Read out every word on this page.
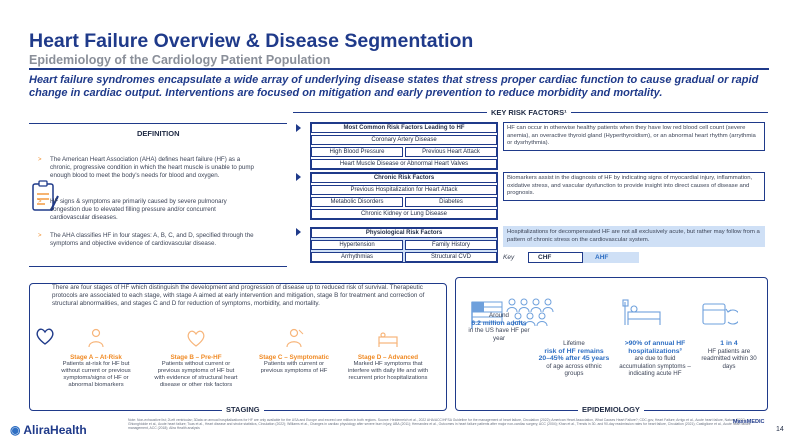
Heart Failure Overview & Disease Segmentation
Epidemiology of the Cardiology Patient Population
Heart failure syndromes encapsulate a wide array of underlying disease states that stress proper cardiac function to cause gradual or rapid change in cardiac output. Interventions are focused on mitigation and early prevention to reduce morbidity and mortality.
DEFINITION
> The American Heart Association (AHA) defines heart failure (HF) as a chronic, progressive condition in which the heart muscle is unable to pump enough blood to meet the body's needs for blood and oxygen.
> HF signs & symptoms are primarily caused by severe pulmonary congestion due to elevated filling pressure and/or concurrent cardiovascular diseases.
> The AHA classifies HF in four stages: A, B, C, and D, specified through the symptoms and objective evidence of cardiovascular disease.
KEY RISK FACTORS¹
Most Common Risk Factors Leading to HF
Coronary Artery Disease
High Blood Pressure	Previous Heart Attack
Heart Muscle Disease or Abnormal Heart Valves
HF can occur in otherwise healthy patients when they have low red blood cell count (severe anemia), an overactive thyroid gland (Hyperthyroidism), or an abnormal heart rhythm (arrythmia or dysrhythmia).
Chronic Risk Factors
Previous Hospitalization for Heart Attack
Metabolic Disorders	Diabetes
Chronic Kidney or Lung Disease
Biomarkers assist in the diagnosis of HF by indicating signs of myocardial injury, inflammation, oxidative stress, and vascular dysfunction to provide insight into direct causes of disease and prognosis.
Physiological Risk Factors
Hypertension	Family History
Arrhythmias	Structural CVD
Hospitalizations for decompensated HF are not all exclusively acute, but rather may follow from a pattern of chronic stress on the cardiovascular system.
Key	CHF	AHF
There are four stages of HF which distinguish the development and progression of disease up to reduced risk of survival. Therapeutic protocols are associated to each stage, with stage A aimed at early intervention and mitigation, stage B for treatment and correction of structural abnormalities, and stages C and D for reduction of symptoms, morbidity, and mortality.
Stage A – At-Risk
Patients at-risk for HF but without current or previous symptoms/signs of HF or abnormal biomarkers
Stage B – Pre-HF
Patients without current or previous symptoms of HF but with evidence of structural heart disease or other risk factors
Stage C – Symptomatic
Patients with current or previous symptoms of HF
Stage D – Advanced
Marked HF symptoms that interfere with daily life and with recurrent prior hospitalizations
STAGING
Around
6.2 million adults
in the US have HF per year
Lifetime
risk of HF remains 20–45% after 45 years
of age across ethnic groups
>90% of annual HF hospitalizations³
are due to fluid accumulation symptoms – indicating acute HF
1 in 4
HF patients are readmitted within 30 days
EPIDEMIOLOGY
◉ AliraHealth
Note: Non-exhaustive list; 2Left ventricular; 3Data on annual hospitalizations for HF are only available for the USA and Europe and exceed one million in both regions. Source: Heidenreich et al., 2022 AHA/ACC/HFSA Guideline for the management of heart failure, Circulation (2022); American Heart Association, What Causes Heart Failure?; CDC.gov, Heart Failure; Arrigo et al., Acute heart failure, Nature (2020); Ghionghiolde et al., Acute heart failure; Tuas et al., Heart disease and stroke statistics, Circulation (2022); Williams et al., Changes in cardiac physiology after severe burn injury, ABA (2011); Hernandez et al., Outcomes in heart failure patients after major non-cardiac surgery, ACC (2004); Khan et al., Trends in 30- and 90-day readmission rates for heart failure, Circulation (2021); Castiglione et al., Acute heart failure management, ACC (2018); Alira Health analysis
MassMEDIC
14
